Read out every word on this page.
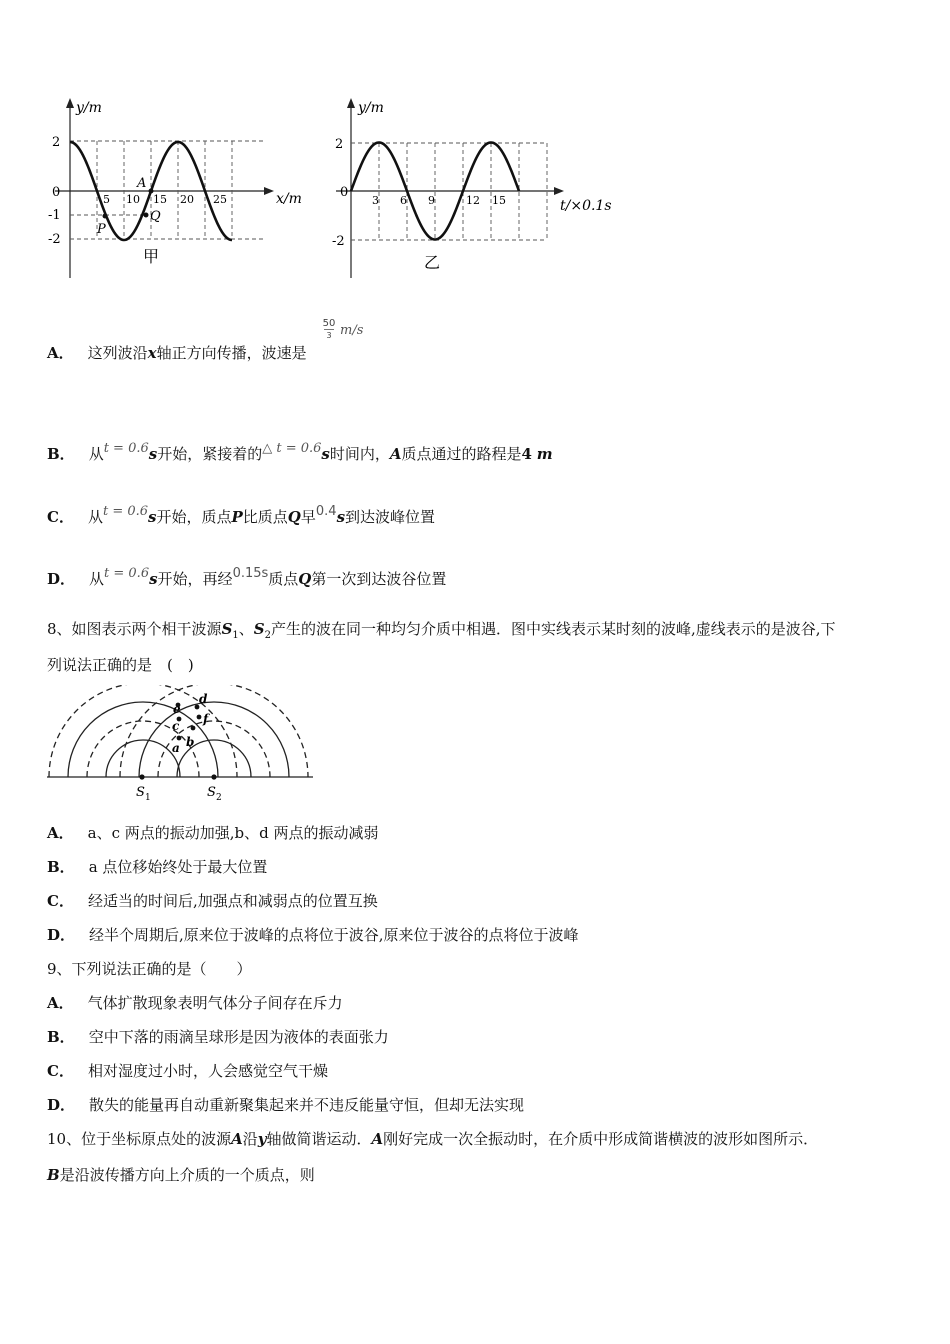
y/m
x/m
2
0
-1
-2
5 10 15 20 25
A
P
Q
甲
y/m
t/×0.1s
2
0
-2
3 6 9	12 15
乙
50
3 m/s
A． 这列波沿x轴正方向传播，波速是
B． 从t = 0.6s开始，紧接着的△ t = 0.6s时间内，A质点通过的路程是4 m
C． 从t = 0.6s开始，质点P比质点Q早0.4s到达波峰位置
D． 从t = 0.6s开始，再经0.15s质点Q第一次到达波谷位置
8、如图表示两个相干波源$S_1$、$S_2$产生的波在同一种均匀介质中相遇．图中实线表示某时刻的波峰,虚线表示的是波谷,下
列说法正确的是　(　)
d
e
f
c
b
a
S 1	S 2
A． a、c 两点的振动加强,b、d 两点的振动减弱
B． a 点位移始终处于最大位置
C． 经适当的时间后,加强点和减弱点的位置互换
D． 经半个周期后,原来位于波峰的点将位于波谷,原来位于波谷的点将位于波峰
9、下列说法正确的是（　　）
A． 气体扩散现象表明气体分子间存在斥力
B． 空中下落的雨滴呈球形是因为液体的表面张力
C． 相对湿度过小时，人会感觉空气干燥
D． 散失的能量再自动重新聚集起来并不违反能量守恒，但却无法实现
10、位于坐标原点处的波源A沿y轴做简谐运动．A刚好完成一次全振动时，在介质中形成简谐横波的波形如图所示．
B是沿波传播方向上介质的一个质点，则
